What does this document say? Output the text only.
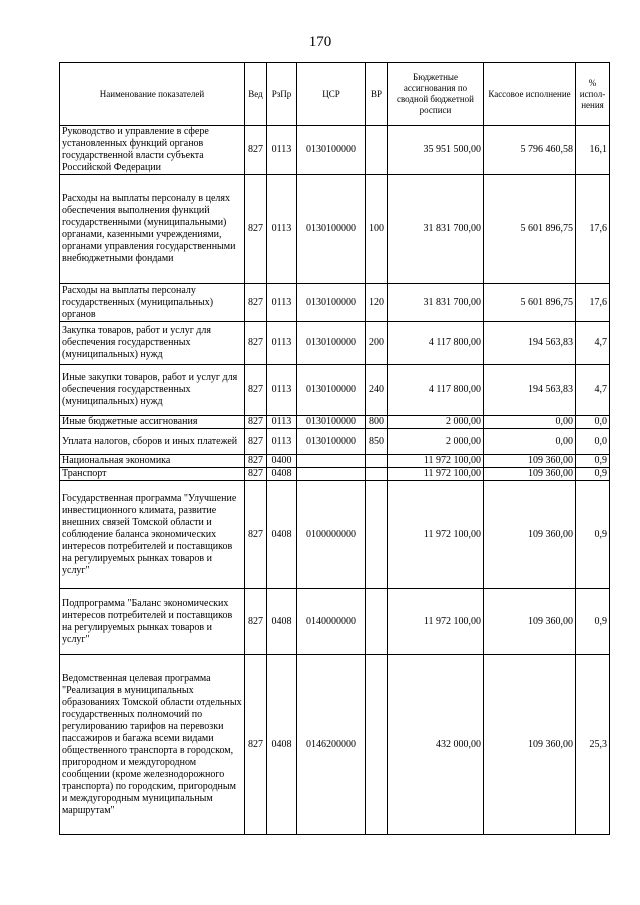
170
Наименование показателей	Вед	РзПр	ЦСР	ВР	Бюджетные ассигнования по сводной бюджетной росписи	Кассовое исполнение	% испол-нения
Руководство и управление в сфере установленных функций органов государственной власти субъекта Российской Федерации	827	0113	0130100000		35 951 500,00	5 796 460,58	16,1
Расходы на выплаты персоналу в целях обеспечения выполнения функций государственными (муниципальными) органами, казенными учреждениями, органами управления государственными внебюджетными фондами	827	0113	0130100000	100	31 831 700,00	5 601 896,75	17,6
Расходы на выплаты персоналу государственных (муниципальных) органов	827	0113	0130100000	120	31 831 700,00	5 601 896,75	17,6
Закупка товаров, работ и услуг для обеспечения государственных (муниципальных) нужд	827	0113	0130100000	200	4 117 800,00	194 563,83	4,7
Иные закупки товаров, работ и услуг для обеспечения государственных (муниципальных) нужд	827	0113	0130100000	240	4 117 800,00	194 563,83	4,7
Иные бюджетные ассигнования	827	0113	0130100000	800	2 000,00	0,00	0,0
Уплата налогов, сборов и иных платежей	827	0113	0130100000	850	2 000,00	0,00	0,0
Национальная экономика	827	0400			11 972 100,00	109 360,00	0,9
Транспорт	827	0408			11 972 100,00	109 360,00	0,9
Государственная программа "Улучшение инвестиционного климата, развитие внешних связей Томской области и соблюдение баланса экономических интересов потребителей и поставщиков на регулируемых рынках товаров и услуг"	827	0408	0100000000		11 972 100,00	109 360,00	0,9
Подпрограмма "Баланс экономических интересов потребителей и поставщиков на регулируемых рынках товаров и услуг"	827	0408	0140000000		11 972 100,00	109 360,00	0,9
Ведомственная целевая программа "Реализация в муниципальных образованиях Томской области отдельных государственных полномочий по регулированию тарифов на перевозки пассажиров и багажа всеми видами общественного транспорта в городском, пригородном и междугородном сообщении (кроме железнодорожного транспорта) по городским, пригородным и междугородным муниципальным маршрутам"	827	0408	0146200000		432 000,00	109 360,00	25,3
